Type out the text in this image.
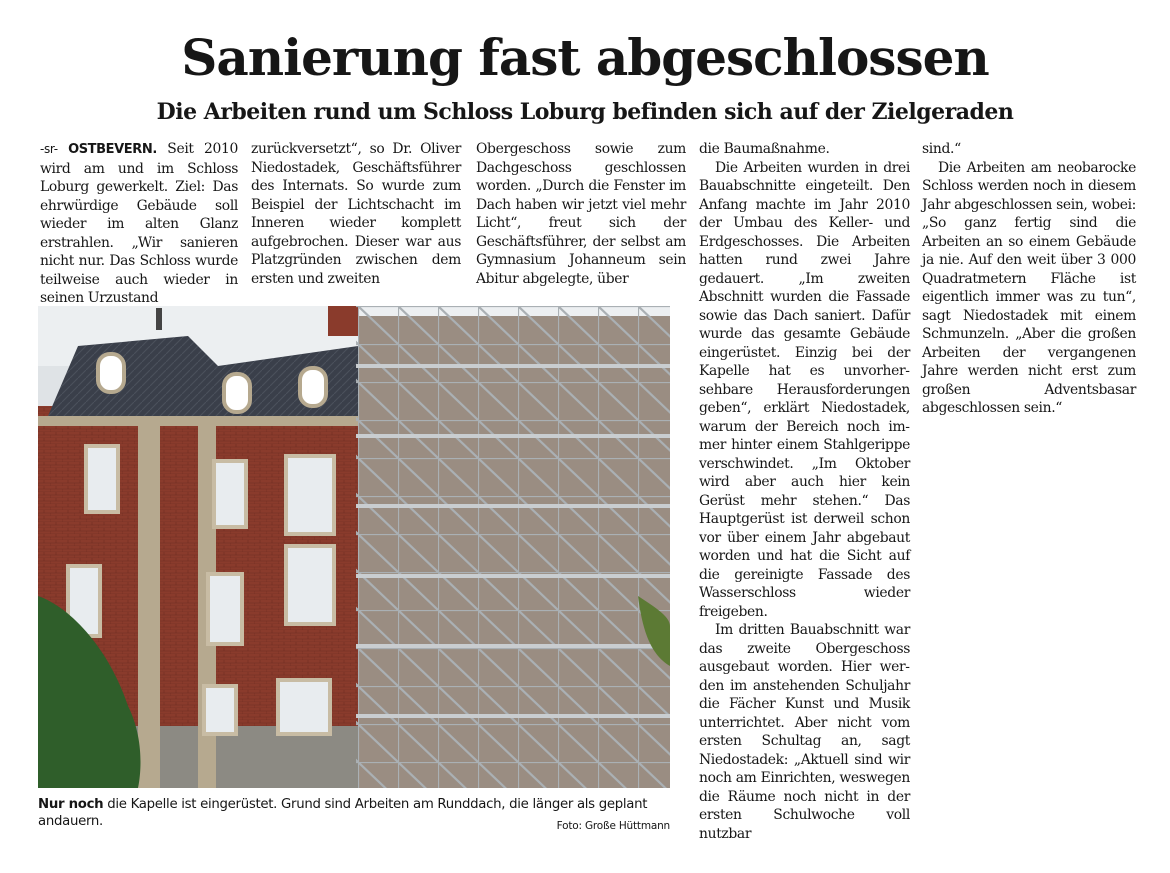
Sanierung fast abgeschlossen
Die Arbeiten rund um Schloss Loburg befinden sich auf der Zielgeraden

-sr- OSTBEVERN. Seit 2010 wird am und im Schloss Loburg gewerkelt. Ziel: Das ehrwürdige Gebäude soll wieder im alten Glanz erstrahlen. „Wir sanieren nicht nur. Das Schloss wurde teilweise auch wieder in seinen Urzustand

zurückversetzt“, so Dr. Oliver Niedostadek, Geschäftsführer des Internats. So wurde zum Beispiel der Lichtschacht im Inneren wieder komplett aufgebrochen. Dieser war aus Platzgründen zwischen dem ersten und zweiten

Obergeschoss sowie zum Dachgeschoss geschlossen worden. „Durch die Fenster im Dach haben wir jetzt viel mehr Licht“, freut sich der Geschäftsführer, der selbst am Gymnasium Johanneum sein Abitur abgelegte, über

die Baumaßnahme.

Die Arbeiten wurden in drei Bauabschnitte eingeteilt. Den Anfang machte im Jahr 2010 der Umbau des Keller- und Erdgeschosses. Die Arbeiten hatten rund zwei Jahre gedauert. „Im zweiten Abschnitt wurden die Fassade sowie das Dach saniert. Dafür wurde das gesamte Gebäude eingerüstet. Einzig bei der Kapelle hat es unvorhersehbare Herausforderungen geben“, erklärt Niedostadek, warum der Bereich noch immer hinter einem Stahlgerippe verschwindet. „Im Oktober wird aber auch hier kein Gerüst mehr stehen.“ Das Hauptgerüst ist derweil schon vor über einem Jahr abgebaut worden und hat die Sicht auf die gereinigte Fassade des Wasserschloss wieder freigeben.

Im dritten Bauabschnitt war das zweite Obergeschoss ausgebaut worden. Hier werden im anstehenden Schuljahr die Fächer Kunst und Musik unterrichtet. Aber nicht vom ersten Schultag an, sagt Niedostadek: „Aktuell sind wir noch am Einrichten, weswegen die Räume noch nicht in der ersten Schulwoche voll nutzbar

sind.“

Die Arbeiten am neobarocke Schloss werden noch in diesem Jahr abgeschlossen sein, wobei: „So ganz fertig sind die Arbeiten an so einem Gebäude ja nie. Auf den weit über 3 000 Quadratmetern Fläche ist eigentlich immer was zu tun“, sagt Niedostadek mit einem Schmunzeln. „Aber die großen Arbeiten der vergangenen Jahre werden nicht erst zum großen Adventsbasar abgeschlossen sein.“

Nur noch die Kapelle ist eingerüstet. Grund sind Arbeiten am Runddach, die länger als geplant andauern.	Foto: Große Hüttmann
